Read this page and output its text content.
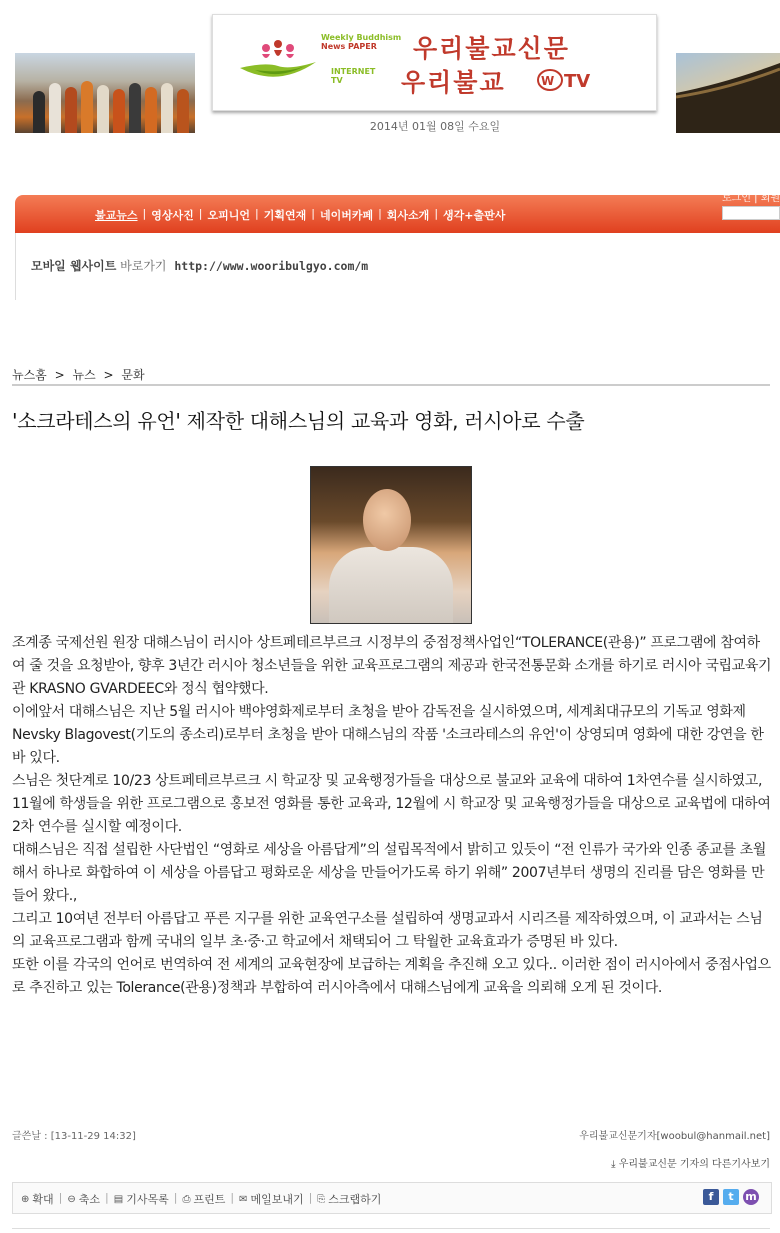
Weekly Buddhism
News PAPER
INTERNET
TV
우리불교신문
우리불교	W TV
2014년 01월 08일 수요일
불교뉴스 | 영상사진 | 오피니언 | 기획연재 | 네이버카페 | 회사소개 | 생각+출판사
로그인 | 회원
모바일 웹사이트 바로가기 http://www.wooribulgyo.com/m
뉴스홈 > 뉴스 > 문화
'소크라테스의 유언' 제작한 대해스님의 교육과 영화, 러시아로 수출

조계종 국제선원 원장 대해스님이 러시아 상트페테르부르크 시정부의 중점정책사업인“TOLERANCE(관용)” 프로그램에 참여하여 줄 것을 요청받아, 향후 3년간 러시아 청소년들을 위한 교육프로그램의 제공과 한국전통문화 소개를 하기로 러시아 국립교육기관 KRASNO GVARDEEC와 정식 협약했다.

이에앞서 대해스님은 지난 5월 러시아 백야영화제로부터 초청을 받아 감독전을 실시하였으며, 세계최대규모의 기독교 영화제 Nevsky Blagovest(기도의 종소리)로부터 초청을 받아 대해스님의 작품 '소크라테스의 유언'이 상영되며 영화에 대한 강연을 한바 있다.

스님은 첫단계로 10/23 상트페테르부르크 시 학교장 및 교육행정가들을 대상으로 불교와 교육에 대하여 1차연수를 실시하였고, 11월에 학생들을 위한 프로그램으로 홍보전 영화를 통한 교육과, 12월에 시 학교장 및 교육행정가들을 대상으로 교육법에 대하여 2차 연수를 실시할 예정이다.

대해스님은 직접 설립한 사단법인 “영화로 세상을 아름답게”의 설립목적에서 밝히고 있듯이 “전 인류가 국가와 인종 종교를 초월해서 하나로 화합하여 이 세상을 아름답고 평화로운 세상을 만들어가도록 하기 위해” 2007년부터 생명의 진리를 담은 영화를 만들어 왔다.,

그리고 10여년 전부터 아름답고 푸른 지구를 위한 교육연구소를 설립하여 생명교과서 시리즈를 제작하였으며, 이 교과서는 스님의 교육프로그램과 함께 국내의 일부 초·중·고 학교에서 채택되어 그 탁월한 교육효과가 증명된 바 있다.

또한 이를 각국의 언어로 번역하여 전 세계의 교육현장에 보급하는 계획을 추진해 오고 있다.. 이러한 점이 러시아에서 중점사업으로 추진하고 있는 Tolerance(관용)정책과 부합하여 러시아측에서 대해스님에게 교육을 의뢰해 오게 된 것이다.

글쓴날 : [13-11-29 14:32]	우리불교신문기자[woobul@hanmail.net]
⤓ 우리불교신문 기자의 다른기사보기
⊕ 확대 | ⊖ 축소 | ▤ 기사목록 | ⎙ 프린트 | ✉ 메일보내기 | ⎘ 스크랩하기	f	t	m
